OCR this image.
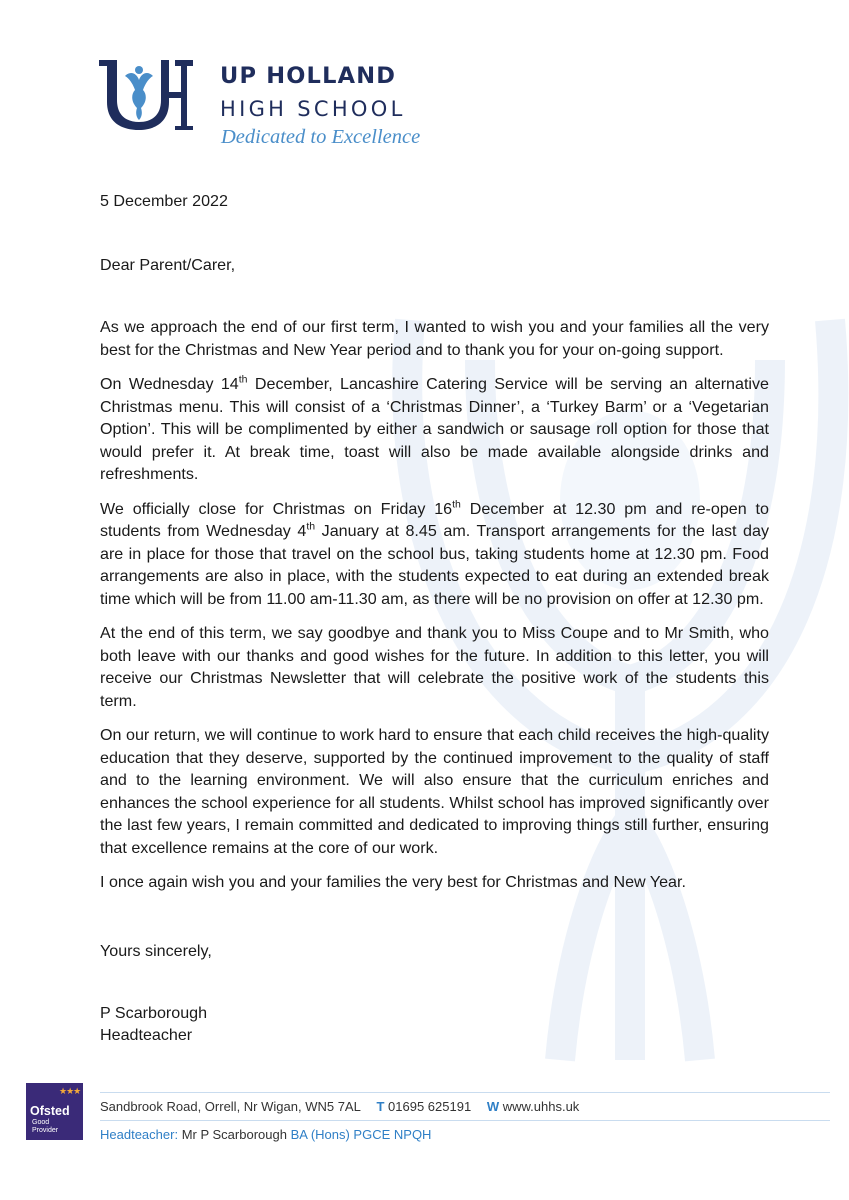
UP HOLLAND
HIGH SCHOOL
Dedicated to Excellence
5 December 2022
Dear Parent/Carer,

As we approach the end of our first term, I wanted to wish you and your families all the very best for the Christmas and New Year period and to thank you for your on-going support.

On Wednesday 14th December, Lancashire Catering Service will be serving an alternative Christmas menu. This will consist of a ‘Christmas Dinner’, a ‘Turkey Barm’ or a ‘Vegetarian Option’. This will be complimented by either a sandwich or sausage roll option for those that would prefer it. At break time, toast will also be made available alongside drinks and refreshments.

We officially close for Christmas on Friday 16th December at 12.30 pm and re-open to students from Wednesday 4th January at 8.45 am. Transport arrangements for the last day are in place for those that travel on the school bus, taking students home at 12.30 pm. Food arrangements are also in place, with the students expected to eat during an extended break time which will be from 11.00 am-11.30 am, as there will be no provision on offer at 12.30 pm.

At the end of this term, we say goodbye and thank you to Miss Coupe and to Mr Smith, who both leave with our thanks and good wishes for the future. In addition to this letter, you will receive our Christmas Newsletter that will celebrate the positive work of the students this term.

On our return, we will continue to work hard to ensure that each child receives the high-quality education that they deserve, supported by the continued improvement to the quality of staff and to the learning environment. We will also ensure that the curriculum enriches and enhances the school experience for all students. Whilst school has improved significantly over the last few years, I remain committed and dedicated to improving things still further, ensuring that excellence remains at the core of our work.

I once again wish you and your families the very best for Christmas and New Year.

Yours sincerely,
P Scarborough
Headteacher
★★★
Ofsted
Good
Provider
Sandbrook Road, Orrell, Nr Wigan, WN5 7AL T 01695 625191 W www.uhhs.uk
Headteacher: Mr P Scarborough BA (Hons) PGCE NPQH
